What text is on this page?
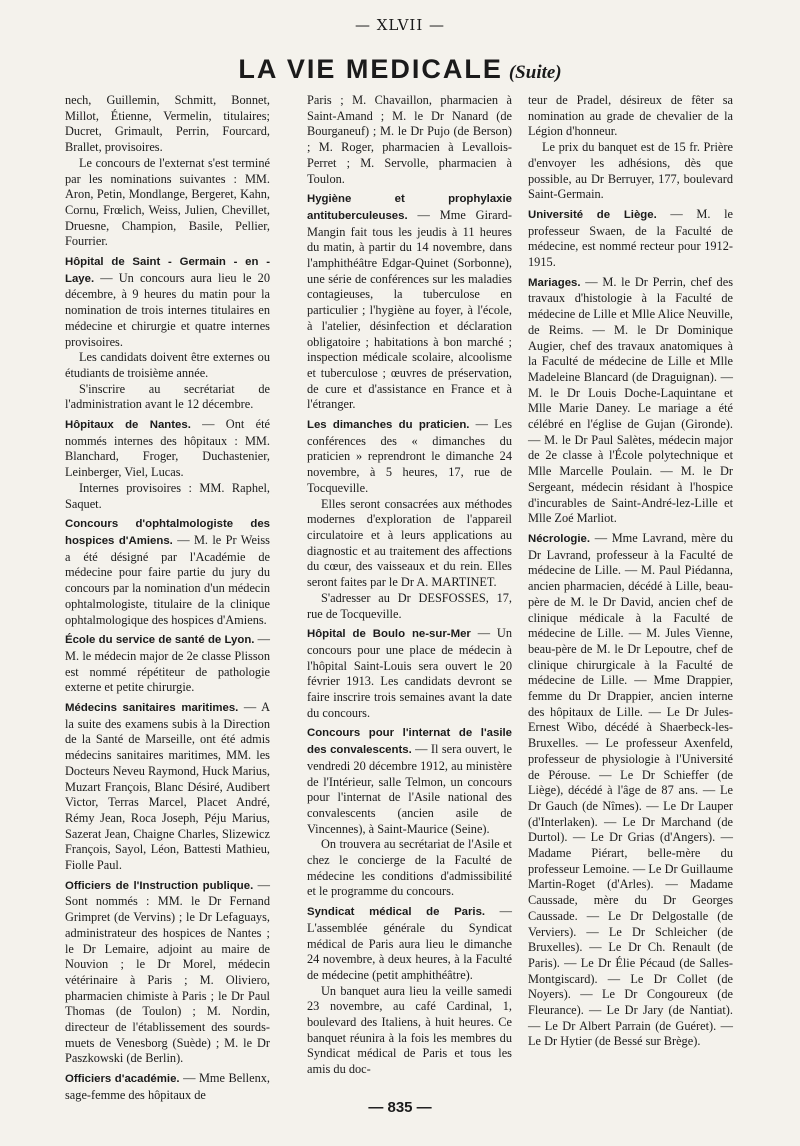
— XLVII —
LA VIE MEDICALE (Suite)

nech, Guillemin, Schmitt, Bonnet, Millot, Étienne, Vermelin, titulaires; Ducret, Grimault, Perrin, Fourcard, Brallet, provisoires.

Le concours de l'externat s'est terminé par les nominations suivantes : MM. Aron, Petin, Mondlange, Bergeret, Kahn, Cornu, Frœlich, Weiss, Julien, Chevillet, Druesne, Champion, Basile, Pellier, Fourrier.

Hôpital de Saint - Germain - en - Laye. — Un concours aura lieu le 20 décembre, à 9 heures du matin pour la nomination de trois internes titulaires en médecine et chirurgie et quatre internes provisoires.

Les candidats doivent être externes ou étudiants de troisième année.

S'inscrire au secrétariat de l'administration avant le 12 décembre.

Hôpitaux de Nantes. — Ont été nommés internes des hôpitaux : MM. Blanchard, Froger, Duchastenier, Leinberger, Viel, Lucas.

Internes provisoires : MM. Raphel, Saquet.

Concours d'ophtalmologiste des hospices d'Amiens. — M. le Pr Weiss a été désigné par l'Académie de médecine pour faire partie du jury du concours par la nomination d'un médecin ophtalmologiste, titulaire de la clinique ophtalmologique des hospices d'Amiens.

École du service de santé de Lyon. — M. le médecin major de 2e classe Plisson est nommé répétiteur de pathologie externe et petite chirurgie.

Médecins sanitaires maritimes. — A la suite des examens subis à la Direction de la Santé de Marseille, ont été admis médecins sanitaires maritimes, MM. les Docteurs Neveu Raymond, Huck Marius, Muzart François, Blanc Désiré, Audibert Victor, Terras Marcel, Placet André, Rémy Jean, Roca Joseph, Péju Marius, Sazerat Jean, Chaigne Charles, Slizewicz François, Sayol, Léon, Battesti Mathieu, Fiolle Paul.

Officiers de l'Instruction publique. — Sont nommés : MM. le Dr Fernand Grimpret (de Vervins) ; le Dr Lefaguays, administrateur des hospices de Nantes ; le Dr Lemaire, adjoint au maire de Nouvion ; le Dr Morel, médecin vétérinaire à Paris ; M. Oliviero, pharmacien chimiste à Paris ; le Dr Paul Thomas (de Toulon) ; M. Nordin, directeur de l'établissement des sourds-muets de Venesborg (Suède) ; M. le Dr Paszkowski (de Berlin).

Officiers d'académie. — Mme Bellenx, sage-femme des hôpitaux de

Paris ; M. Chavaillon, pharmacien à Saint-Amand ; M. le Dr Nanard (de Bourganeuf) ; M. le Dr Pujo (de Berson) ; M. Roger, pharmacien à Levallois-Perret ; M. Servolle, pharmacien à Toulon.

Hygiène et prophylaxie antituberculeuses. — Mme Girard-Mangin fait tous les jeudis à 11 heures du matin, à partir du 14 novembre, dans l'amphithéâtre Edgar-Quinet (Sorbonne), une série de conférences sur les maladies contagieuses, la tuberculose en particulier ; l'hygiène au foyer, à l'école, à l'atelier, désinfection et déclaration obligatoire ; habitations à bon marché ; inspection médicale scolaire, alcoolisme et tuberculose ; œuvres de préservation, de cure et d'assistance en France et à l'étranger.

Les dimanches du praticien. — Les conférences des « dimanches du praticien » reprendront le dimanche 24 novembre, à 5 heures, 17, rue de Tocqueville.

Elles seront consacrées aux méthodes modernes d'exploration de l'appareil circulatoire et à leurs applications au diagnostic et au traitement des affections du cœur, des vaisseaux et du rein. Elles seront faites par le Dr A. MARTINET.

S'adresser au Dr DESFOSSES, 17, rue de Tocqueville.

Hôpital de Boulo ne-sur-Mer — Un concours pour une place de médecin à l'hôpital Saint-Louis sera ouvert le 20 février 1913. Les candidats devront se faire inscrire trois semaines avant la date du concours.

Concours pour l'internat de l'asile des convalescents. — Il sera ouvert, le vendredi 20 décembre 1912, au ministère de l'Intérieur, salle Telmon, un concours pour l'internat de l'Asile national des convalescents (ancien asile de Vincennes), à Saint-Maurice (Seine).

On trouvera au secrétariat de l'Asile et chez le concierge de la Faculté de médecine les conditions d'admissibilité et le programme du concours.

Syndicat médical de Paris. — L'assemblée générale du Syndicat médical de Paris aura lieu le dimanche 24 novembre, à deux heures, à la Faculté de médecine (petit amphithéâtre).

Un banquet aura lieu la veille samedi 23 novembre, au café Cardinal, 1, boulevard des Italiens, à huit heures. Ce banquet réunira à la fois les membres du Syndicat médical de Paris et tous les amis du doc-

teur de Pradel, désireux de fêter sa nomination au grade de chevalier de la Légion d'honneur.

Le prix du banquet est de 15 fr. Prière d'envoyer les adhésions, dès que possible, au Dr Berruyer, 177, boulevard Saint-Germain.

Université de Liège. — M. le professeur Swaen, de la Faculté de médecine, est nommé recteur pour 1912-1915.

Mariages. — M. le Dr Perrin, chef des travaux d'histologie à la Faculté de médecine de Lille et Mlle Alice Neuville, de Reims. — M. le Dr Dominique Augier, chef des travaux anatomiques à la Faculté de médecine de Lille et Mlle Madeleine Blancard (de Draguignan). — M. le Dr Louis Doche-Laquintane et Mlle Marie Daney. Le mariage a été célébré en l'église de Gujan (Gironde). — M. le Dr Paul Salètes, médecin major de 2e classe à l'École polytechnique et Mlle Marcelle Poulain. — M. le Dr Sergeant, médecin résidant à l'hospice d'incurables de Saint-André-lez-Lille et Mlle Zoé Marliot.

Nécrologie. — Mme Lavrand, mère du Dr Lavrand, professeur à la Faculté de médecine de Lille. — M. Paul Piédanna, ancien pharmacien, décédé à Lille, beau-père de M. le Dr David, ancien chef de clinique médicale à la Faculté de médecine de Lille. — M. Jules Vienne, beau-père de M. le Dr Lepoutre, chef de clinique chirurgicale à la Faculté de médecine de Lille. — Mme Drappier, femme du Dr Drappier, ancien interne des hôpitaux de Lille. — Le Dr Jules-Ernest Wibo, décédé à Shaerbeck-les-Bruxelles. — Le professeur Axenfeld, professeur de physiologie à l'Université de Pérouse. — Le Dr Schieffer (de Liège), décédé à l'âge de 87 ans. — Le Dr Gauch (de Nîmes). — Le Dr Lauper (d'Interlaken). — Le Dr Marchand (de Durtol). — Le Dr Grias (d'Angers). — Madame Piérart, belle-mère du professeur Lemoine. — Le Dr Guillaume Martin-Roget (d'Arles). — Madame Caussade, mère du Dr Georges Caussade. — Le Dr Delgostalle (de Verviers). — Le Dr Schleicher (de Bruxelles). — Le Dr Ch. Renault (de Paris). — Le Dr Élie Pécaud (de Salles-Montgiscard). — Le Dr Collet (de Noyers). — Le Dr Congoureux (de Fleurance). — Le Dr Jary (de Nantiat). — Le Dr Albert Parrain (de Guéret). — Le Dr Hytier (de Bessé sur Brège).

— 835 —
